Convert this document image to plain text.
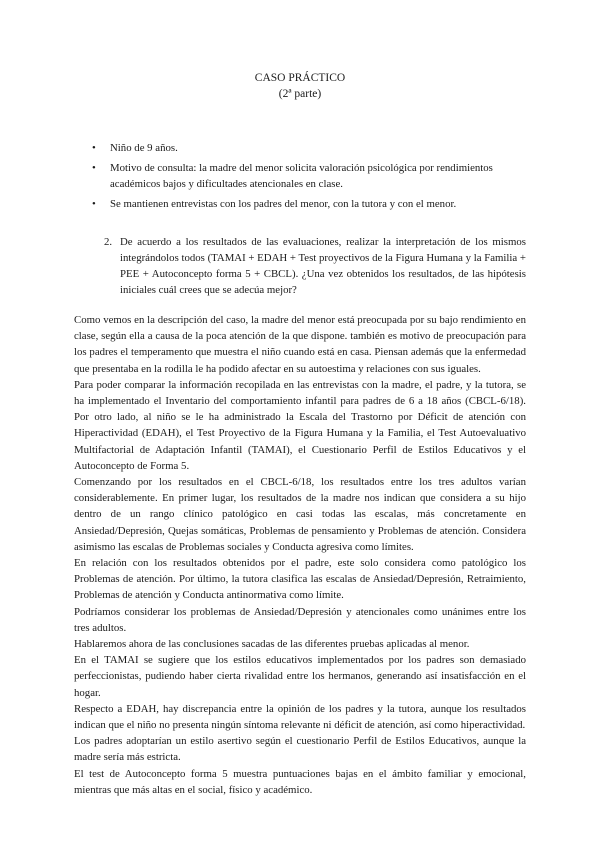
CASO PRÁCTICO
(2ª parte)
• Niño de 9 años.
• Motivo de consulta: la madre del menor solicita valoración psicológica por rendimientos académicos bajos y dificultades atencionales en clase.
• Se mantienen entrevistas con los padres del menor, con la tutora y con el menor.
2. De acuerdo a los resultados de las evaluaciones, realizar la interpretación de los mismos integrándolos todos (TAMAI + EDAH + Test proyectivos de la Figura Humana y la Familia + PEE + Autoconcepto forma 5 + CBCL). ¿Una vez obtenidos los resultados, de las hipótesis iniciales cuál crees que se adecúa mejor?

Como vemos en la descripción del caso, la madre del menor está preocupada por su bajo rendimiento en clase, según ella a causa de la poca atención de la que dispone. también es motivo de preocupación para los padres el temperamento que muestra el niño cuando está en casa. Piensan además que la enfermedad que presentaba en la rodilla le ha podido afectar en su autoestima y relaciones con sus iguales.

Para poder comparar la información recopilada en las entrevistas con la madre, el padre, y la tutora, se ha implementado el Inventario del comportamiento infantil para padres de 6 a 18 años (CBCL-6/18). Por otro lado, al niño se le ha administrado la Escala del Trastorno por Déficit de atención con Hiperactividad (EDAH), el Test Proyectivo de la Figura Humana y la Familia, el Test Autoevaluativo Multifactorial de Adaptación Infantil (TAMAI), el Cuestionario Perfil de Estilos Educativos y el Autoconcepto de Forma 5.

Comenzando por los resultados en el CBCL-6/18, los resultados entre los tres adultos varían considerablemente. En primer lugar, los resultados de la madre nos indican que considera a su hijo dentro de un rango clínico patológico en casi todas las escalas, más concretamente en Ansiedad/Depresión, Quejas somáticas, Problemas de pensamiento y Problemas de atención. Considera asimismo las escalas de Problemas sociales y Conducta agresiva como límites.

En relación con los resultados obtenidos por el padre, este solo considera como patológico los Problemas de atención. Por último, la tutora clasifica las escalas de Ansiedad/Depresión, Retraimiento, Problemas de atención y Conducta antinormativa como límite.

Podríamos considerar los problemas de Ansiedad/Depresión y atencionales como unánimes entre los tres adultos.

Hablaremos ahora de las conclusiones sacadas de las diferentes pruebas aplicadas al menor.

En el TAMAI se sugiere que los estilos educativos implementados por los padres son demasiado perfeccionistas, pudiendo haber cierta rivalidad entre los hermanos, generando así insatisfacción en el hogar.

Respecto a EDAH, hay discrepancia entre la opinión de los padres y la tutora, aunque los resultados indican que el niño no presenta ningún síntoma relevante ni déficit de atención, así como hiperactividad.

Los padres adoptarían un estilo asertivo según el cuestionario Perfil de Estilos Educativos, aunque la madre sería más estricta.

El test de Autoconcepto forma 5 muestra puntuaciones bajas en el ámbito familiar y emocional, mientras que más altas en el social, físico y académico.
